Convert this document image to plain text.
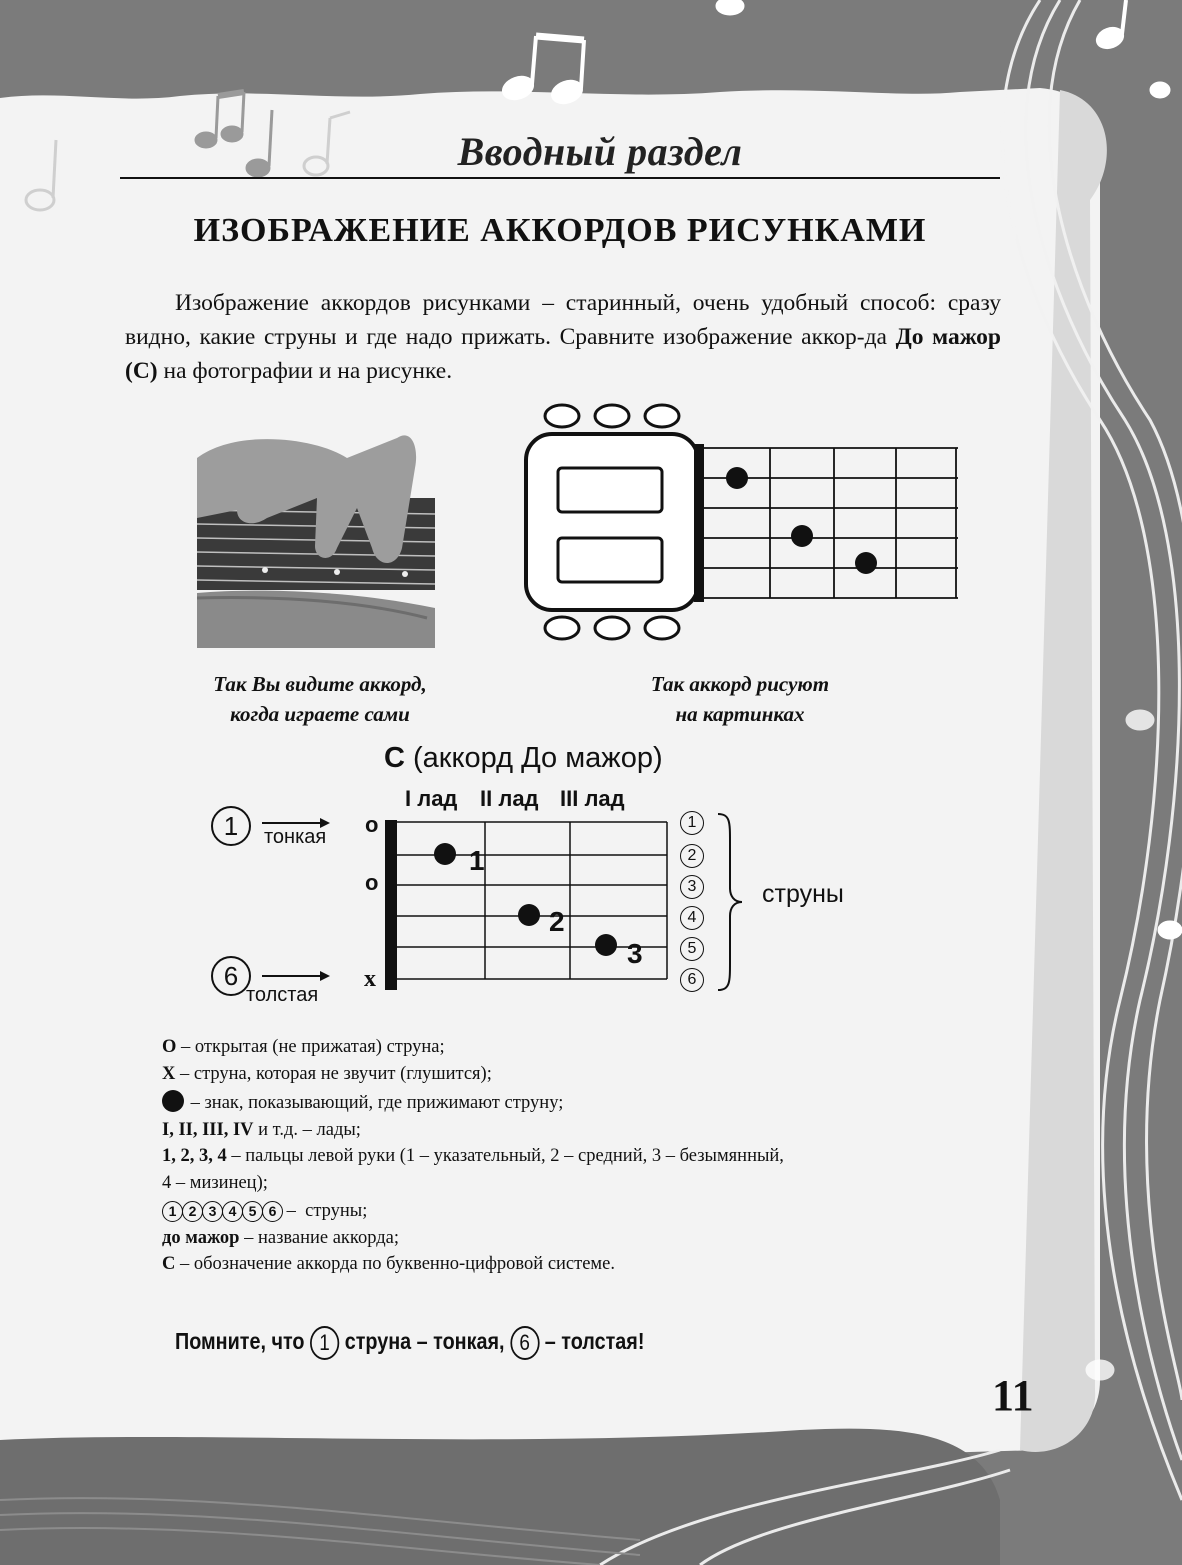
Вводный раздел
ИЗОБРАЖЕНИЕ АККОРДОВ РИСУНКАМИ

Изображение аккордов рисунками – старинный, очень удобный способ: сразу видно, какие струны и где надо прижать. Сравните изображение аккор-да До мажор (С) на фотографии и на рисунке.

Так Вы видите аккорд,
когда играете сами
Так аккорд рисуют
на картинках
С (аккорд До мажор)
I лад II лад III лад
o
o
x
1
2
3
1	тонкая
6
толстая
1
2
3
4
5
6
струны
О – открытая (не прижатая) струна;
Х – струна, которая не звучит (глушится);
– знак, показывающий, где прижимают струну;
I, II, III, IV и т.д. – лады;
1, 2, 3, 4 – пальцы левой руки (1 – указательный, 2 – средний, 3 – безымянный,
4 – мизинец);
1 2 3 4 5 6 –  струны;
до мажор – название аккорда;
С – обозначение аккорда по буквенно-цифровой системе.
Помните, что 1 струна – тонкая, 6 – толстая!
11
